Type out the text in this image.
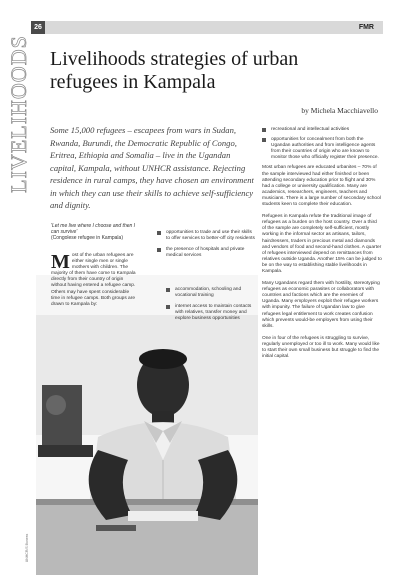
26	FMR
LIVELIHOODS Livelihoods strategies of urban refugees in Kampala
by Michela Macchiavello

Some 15,000 refugees – escapees from wars in Sudan, Rwanda, Burundi, the Democratic Republic of Congo, Eritrea, Ethiopia and Somalia – live in the Ugandan capital, Kampala, without UNHCR assistance. Rejecting residence in rural camps, they have chosen an environment in which they can use their skills to achieve self-sufficiency and dignity.

'Let me live where I choose and then I can survive'
(Congolese refugee in Kampala)
M ost of the urban refugees are either single men or single mothers with children. The majority of them have come to Kampala directly from their country of origin without having entered a refugee camp. Others may have spent considerable time in refugee camps. Both groups are drawn to Kampala by:
opportunities to trade and use their skills to offer services to better-off city residents
the presence of hospitals and private medical services
accommodation, schooling and vocational training
internet access to maintain contacts with relatives, transfer money and explore business opportunities
recreational and intellectual activities
opportunities for concealment from both the Ugandan authorities and from intelligence agents from their countries of origin who are known to monitor those who officially register their presence.

Most urban refugees are educated urbanites – 70% of the sample interviewed had either finished or been attending secondary education prior to flight and 30% had a college or university qualification. Many are academics, researchers, engineers, teachers and musicians. There is a large number of secondary school students keen to complete their education.

Refugees in Kampala refute the traditional image of refugees as a burden on the host country. Over a third of the sample are completely self-sufficient, mostly working in the informal sector as artisans, tailors, hairdressers, traders in precious metal and diamonds and vendors of food and second-hand clothes. A quarter of refugees interviewed depend on remittances from relatives outside Uganda. Another 15% can be judged to be on the way to establishing stable livelihoods in Kampala.

Many Ugandans regard them with hostility, stereotyping refugees as economic parasites or collaborators with countries and factions which are the enemies of Uganda. Many employers exploit their refugee workers with impunity. The failure of Ugandan law to give refugees legal entitlement to work creates confusion which prevents would-be employers from using their skills.

One in four of the refugees is struggling to survive, regularly unemployed or too ill to work. Many would like to start their own small business but struggle to find the initial capital.

UNHCR/S Boness
